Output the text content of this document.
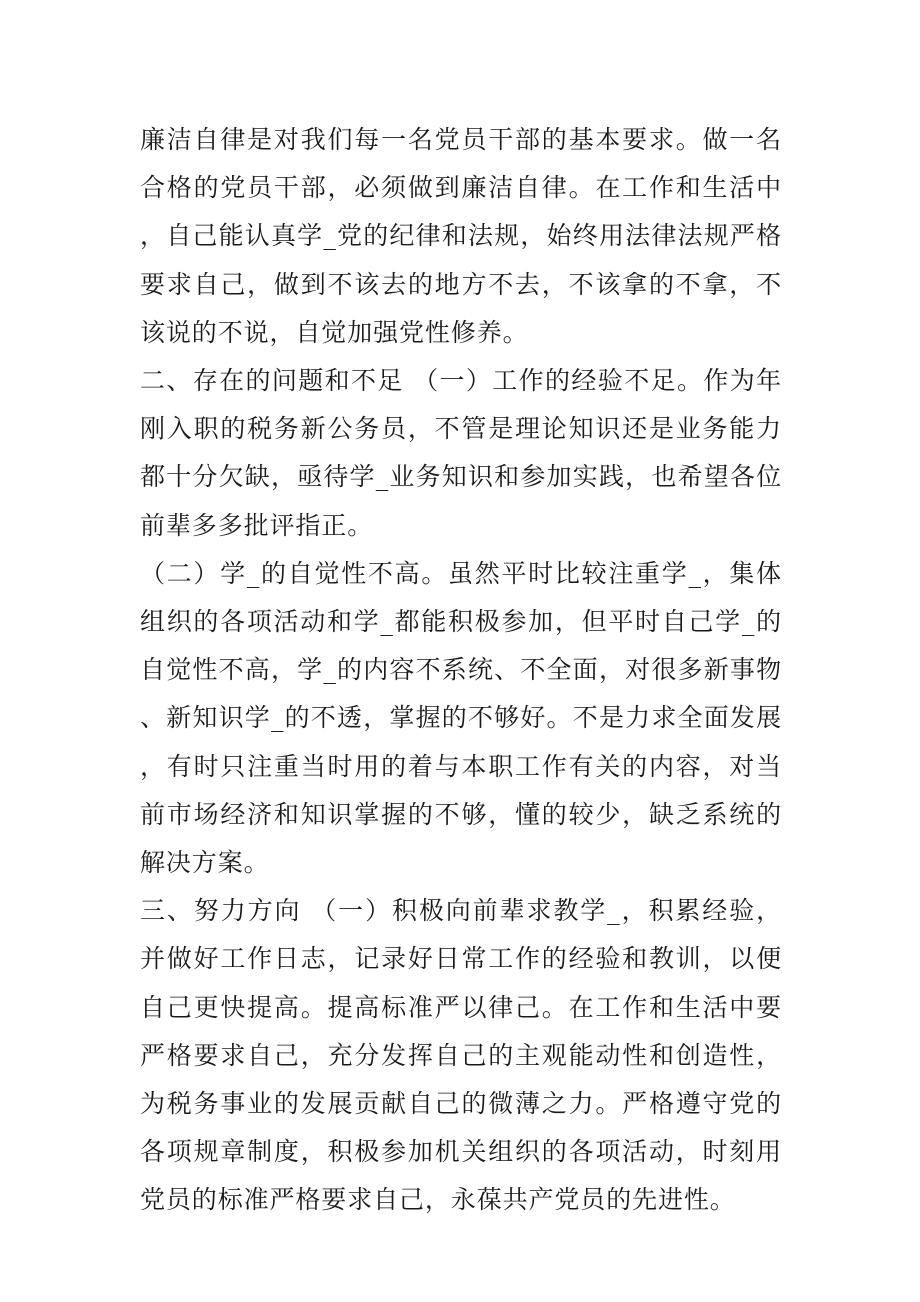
廉洁自律是对我们每一名党员干部的基本要求。做一名合格的党员干部，必须做到廉洁自律。在工作和生活中，自己能认真学_党的纪律和法规，始终用法律法规严格要求自己，做到不该去的地方不去，不该拿的不拿，不该说的不说，自觉加强党性修养。

二、存在的问题和不足 （一）工作的经验不足。作为年刚入职的税务新公务员，不管是理论知识还是业务能力都十分欠缺，亟待学_业务知识和参加实践，也希望各位前辈多多批评指正。

（二）学_的自觉性不高。虽然平时比较注重学_，集体组织的各项活动和学_都能积极参加，但平时自己学_的自觉性不高，学_的内容不系统、不全面，对很多新事物、新知识学_的不透，掌握的不够好。不是力求全面发展，有时只注重当时用的着与本职工作有关的内容，对当前市场经济和知识掌握的不够，懂的较少，缺乏系统的解决方案。

三、努力方向 （一）积极向前辈求教学_，积累经验，并做好工作日志，记录好日常工作的经验和教训，以便自己更快提高。提高标准严以律己。在工作和生活中要严格要求自己，充分发挥自己的主观能动性和创造性，为税务事业的发展贡献自己的微薄之力。严格遵守党的各项规章制度，积极参加机关组织的各项活动，时刻用党员的标准严格要求自己，永葆共产党员的先进性。
